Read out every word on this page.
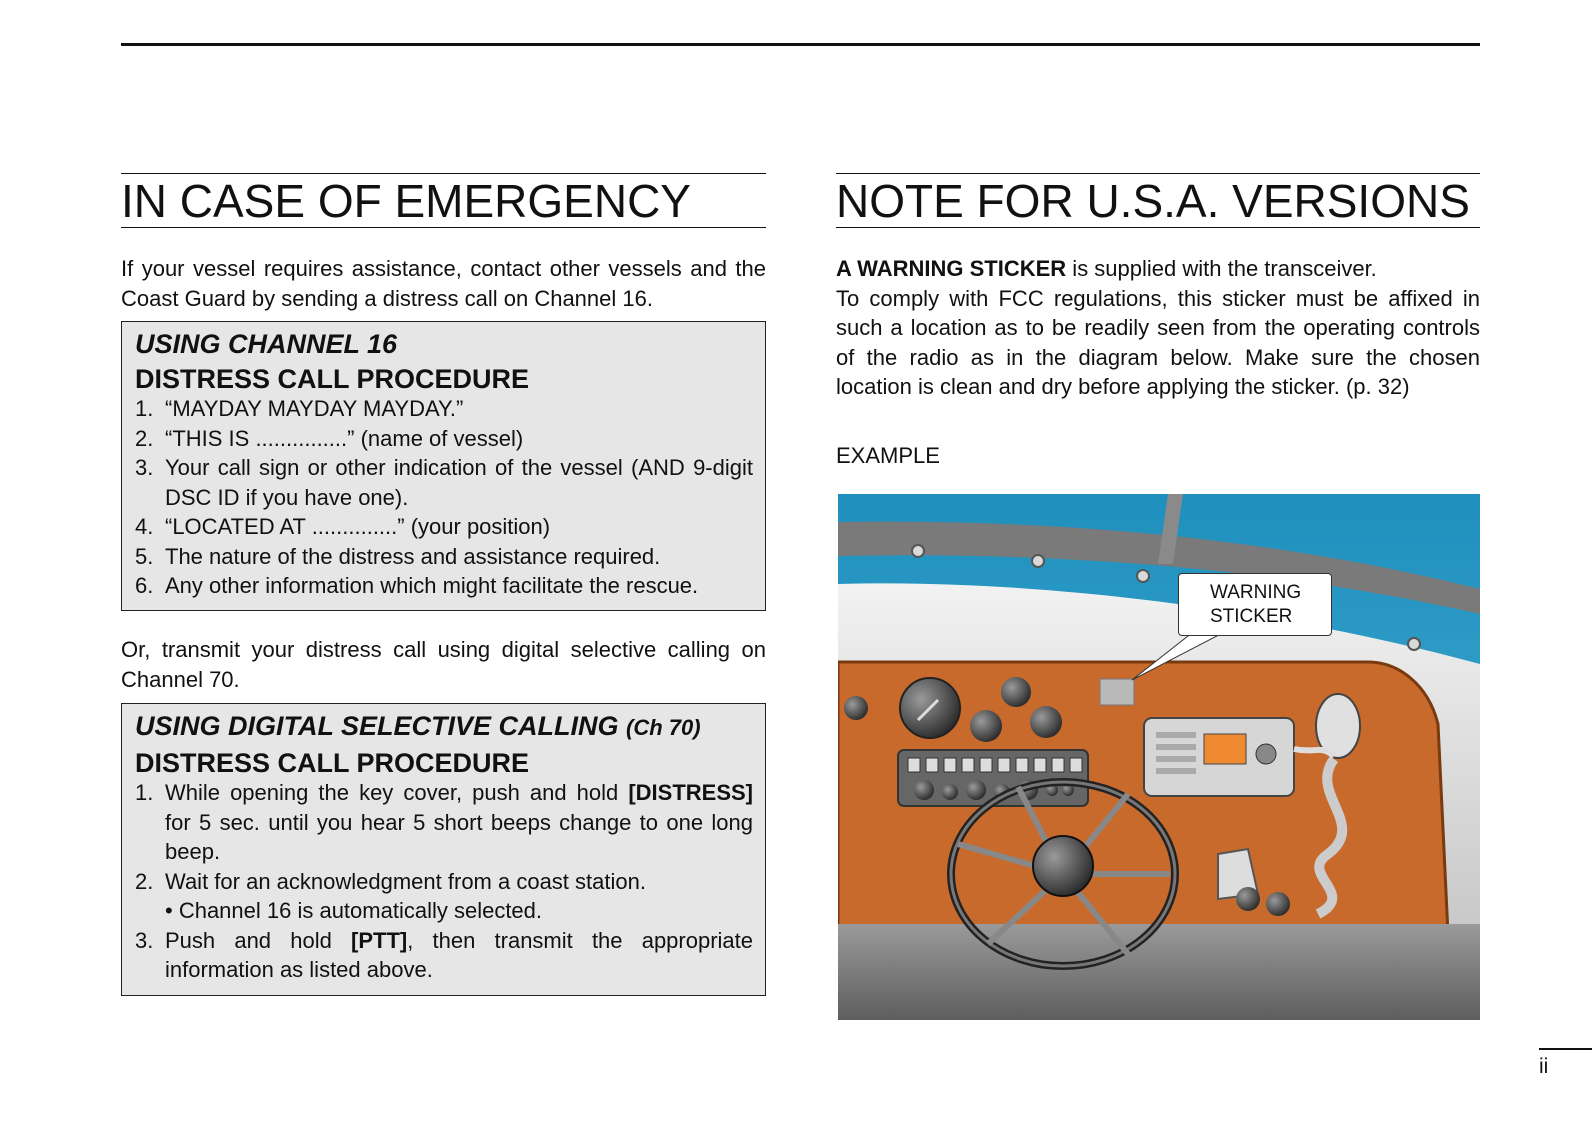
IN CASE OF EMERGENCY

If your vessel requires assistance, contact other vessels and the Coast Guard by sending a distress call on Channel 16.

USING CHANNEL 16

DISTRESS CALL PROCEDURE

1. “MAYDAY MAYDAY MAYDAY.”
2. “THIS IS ...............” (name of vessel)
3. Your call sign or other indication of the vessel (AND 9-digit DSC ID if you have one).
4. “LOCATED AT ..............” (your position)
5. The nature of the distress and assistance required.
6. Any other information which might facilitate the rescue.

Or, transmit your distress call using digital selective calling on Channel 70.

USING DIGITAL SELECTIVE CALLING (Ch 70)

DISTRESS CALL PROCEDURE

1. While opening the key cover, push and hold [DISTRESS] for 5 sec. until you hear 5 short beeps change to one long beep.
2. Wait for an acknowledgment from a coast station.
• Channel 16 is automatically selected.
3. Push and hold [PTT], then transmit the appropriate information as listed above.
NOTE FOR U.S.A. VERSIONS

A WARNING STICKER is supplied with the transceiver.

To comply with FCC regulations, this sticker must be affixed in such a location as to be readily seen from the operating controls of the radio as in the diagram below. Make sure the chosen location is clean and dry before applying the sticker. (p. 32)

EXAMPLE

WARNING
STICKER
ii
